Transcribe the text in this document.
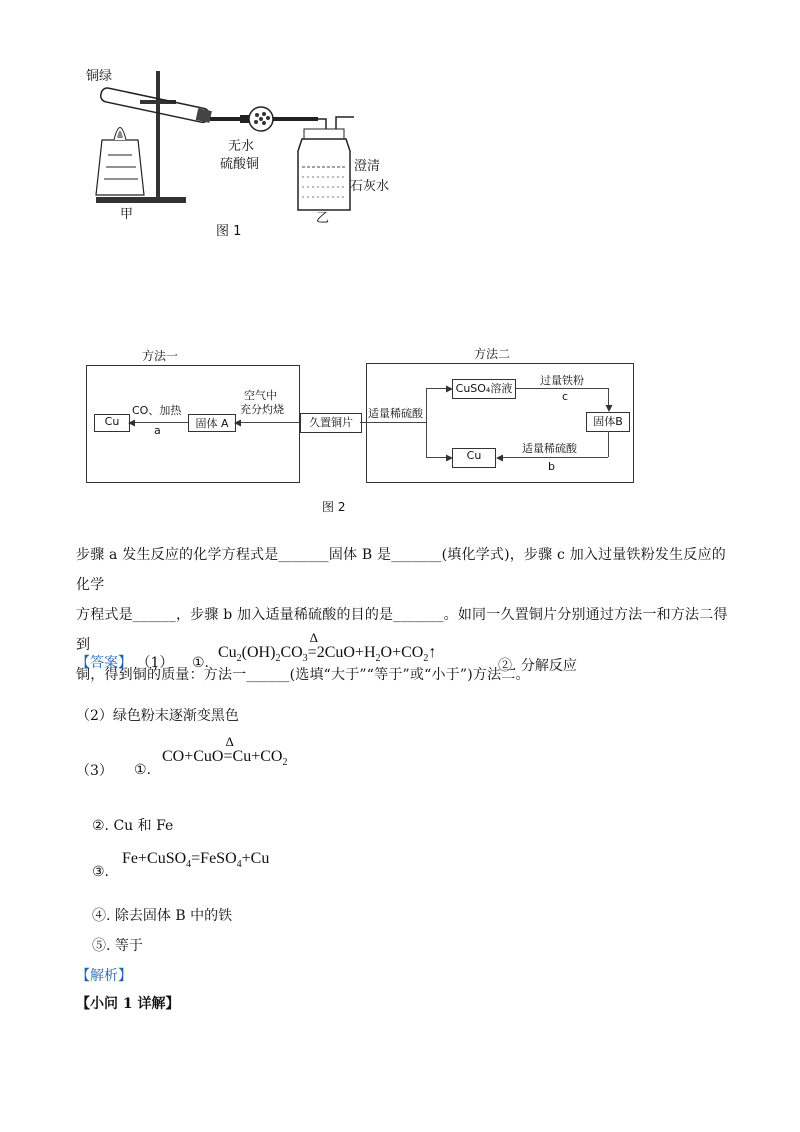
铜绿
无水
硫酸铜	澄清
石灰水
甲	乙
图 1
方法一	方法二
Cu	固体 A	久置铜片
CO、加热
a
空气中
充分灼烧	适量稀硫酸
CuSO₄溶液
过量铁粉
c
固体B
适量稀硫酸
b
Cu
图 2
步骤 a 发生反应的化学方程式是_______固体 B 是_______(填化学式)，步骤 c 加入过量铁粉发生反应的化学
方程式是______，步骤 b 加入适量稀硫酸的目的是_______。如同一久置铜片分别通过方法一和方法二得到
铜，得到铜的质量：方法一______(选填“大于”“等于”或“小于”)方法二。
【答案】 （1） ①.
$Cu_2(OH)_2CO_3$
Δ
$=2CuO+H_2O+CO_2↑$
②. 分解反应
（2）绿色粉末逐渐变黑色
（3） ①.
CO+CuO
Δ
$=Cu+CO_2$
②. Cu 和 Fe
③.
Fe+CuSO$_4$=FeSO$_4$+Cu
④. 除去固体 B 中的铁
⑤. 等于
【解析】
【小问 1 详解】
